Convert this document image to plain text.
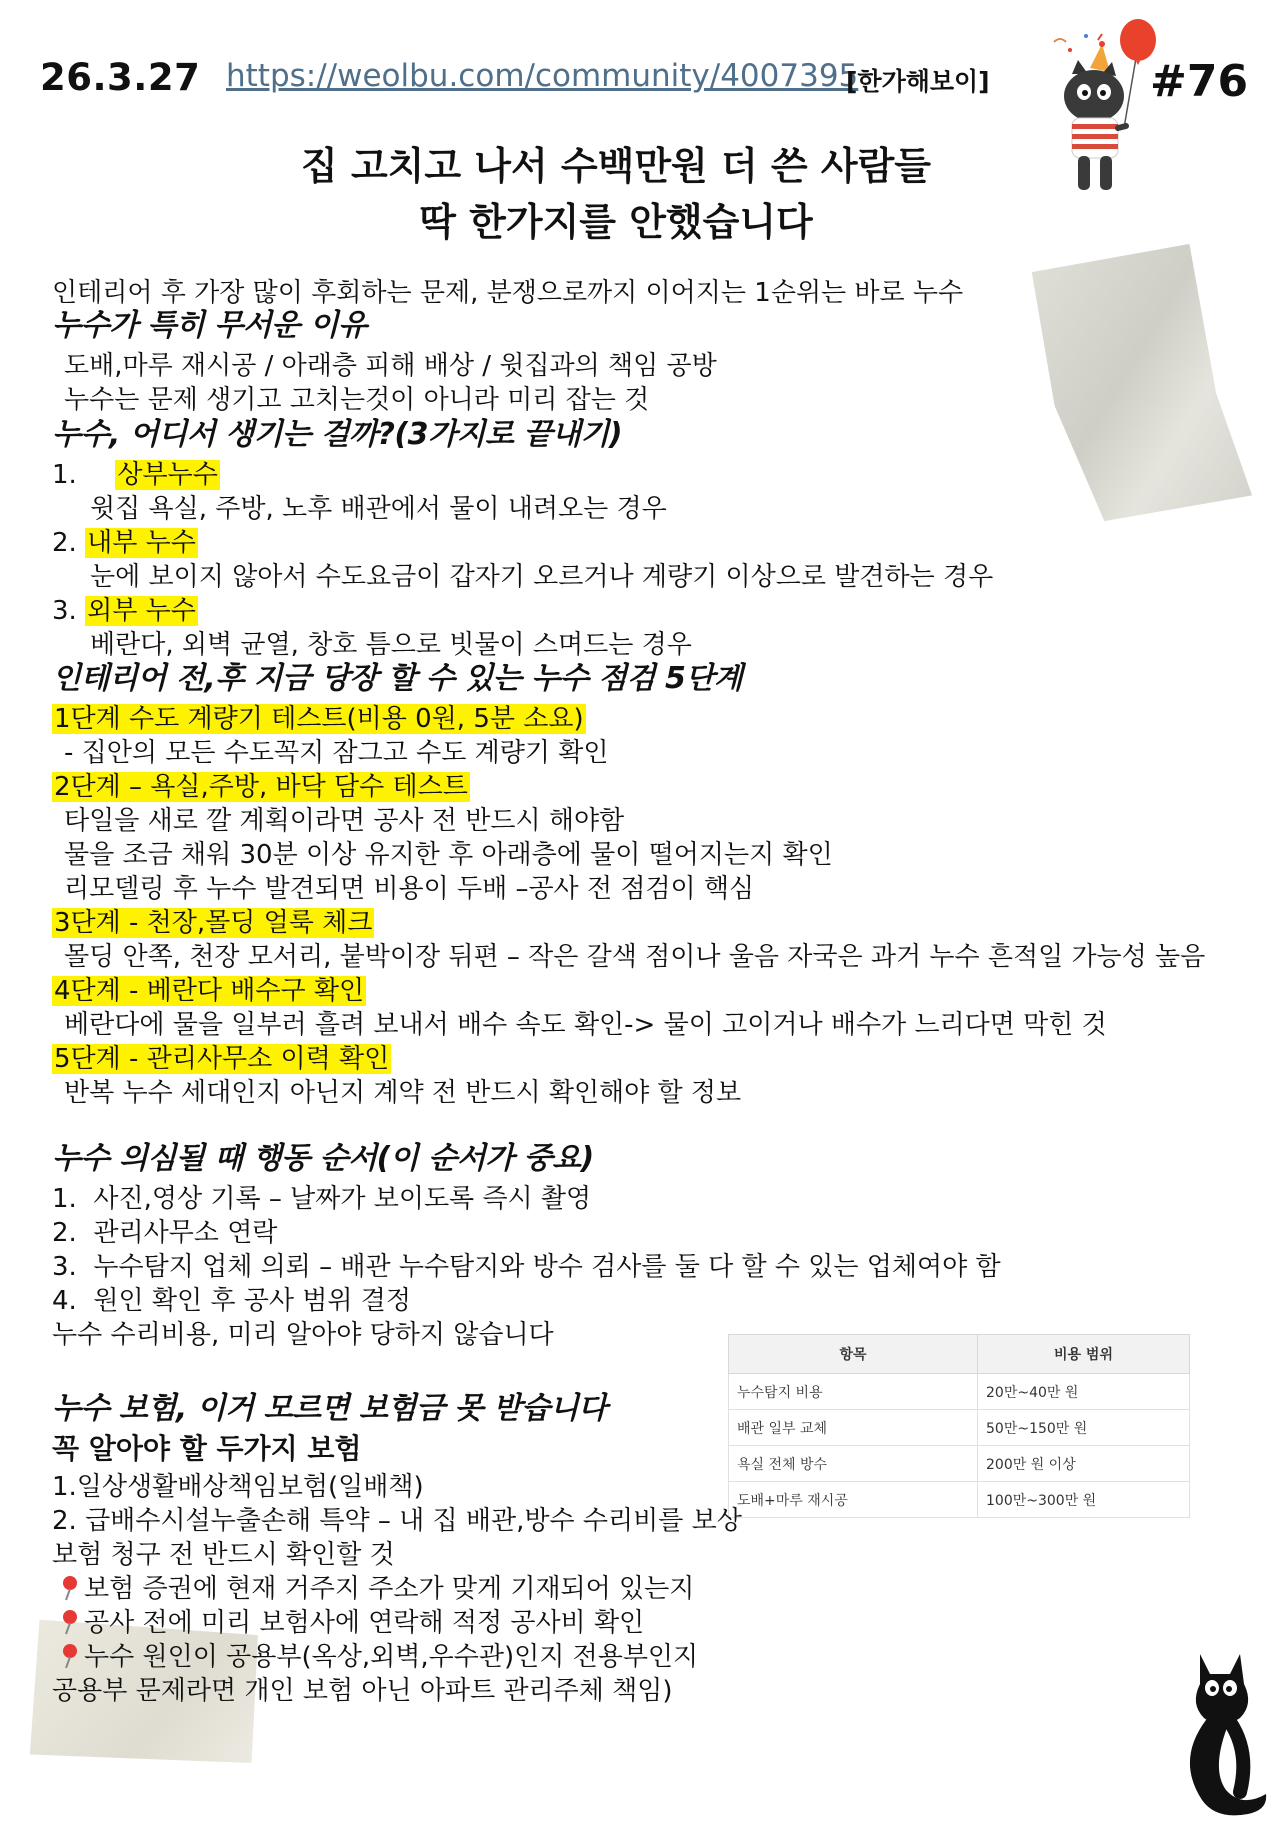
26.3.27 https://weolbu.com/community/4007395
[한가해보이]	#76
집 고치고 나서 수백만원 더 쓴 사람들
딱 한가지를 안했습니다
인테리어 후 가장 많이 후회하는 문제, 분쟁으로까지 이어지는 1순위는 바로 누수
누수가 특히 무서운 이유
도배,마루 재시공 / 아래층 피해 배상 / 윗집과의 책임 공방
누수는 문제 생기고 고치는것이 아니라 미리 잡는 것
누수, 어디서 생기는 걸까?(3가지로 끝내기)
1. 상부누수
윗집 욕실, 주방, 노후 배관에서 물이 내려오는 경우
2. 내부 누수
눈에 보이지 않아서 수도요금이 갑자기 오르거나 계량기 이상으로 발견하는 경우
3. 외부 누수
베란다, 외벽 균열, 창호 틈으로 빗물이 스며드는 경우
인테리어 전,후 지금 당장 할 수 있는 누수 점검 5단계
1단계 수도 계량기 테스트(비용 0원, 5분 소요)
- 집안의 모든 수도꼭지 잠그고 수도 계량기 확인
2단계 – 욕실,주방, 바닥 담수 테스트
타일을 새로 깔 계획이라면 공사 전 반드시 해야함
물을 조금 채워 30분 이상 유지한 후 아래층에 물이 떨어지는지 확인
리모델링 후 누수 발견되면 비용이 두배 –공사 전 점검이 핵심
3단계 - 천장,몰딩 얼룩 체크
몰딩 안쪽, 천장 모서리, 붙박이장 뒤편 – 작은 갈색 점이나 울음 자국은 과거 누수 흔적일 가능성 높음
4단계 - 베란다 배수구 확인
베란다에 물을 일부러 흘려 보내서 배수 속도 확인-> 물이 고이거나 배수가 느리다면 막힌 것
5단계 - 관리사무소 이력 확인
반복 누수 세대인지 아닌지 계약 전 반드시 확인해야 할 정보
누수 의심될 때 행동 순서(이 순서가 중요)
1. 사진,영상 기록 – 날짜가 보이도록 즉시 촬영
2. 관리사무소 연락
3. 누수탐지 업체 의뢰 – 배관 누수탐지와 방수 검사를 둘 다 할 수 있는 업체여야 함
4. 원인 확인 후 공사 범위 결정
누수 수리비용, 미리 알아야 당하지 않습니다
항목	비용 범위
누수탐지 비용	20만~40만 원
배관 일부 교체	50만~150만 원
욕실 전체 방수	200만 원 이상
도배+마루 재시공	100만~300만 원
누수 보험, 이거 모르면 보험금 못 받습니다
꼭 알아야 할 두가지 보험
1.일상생활배상책임보험(일배책)
2. 급배수시설누출손해 특약 – 내 집 배관,방수 수리비를 보상
보험 청구 전 반드시 확인할 것
보험 증권에 현재 거주지 주소가 맞게 기재되어 있는지
공사 전에 미리 보험사에 연락해 적정 공사비 확인
누수 원인이 공용부(옥상,외벽,우수관)인지 전용부인지
공용부 문제라면 개인 보험 아닌 아파트 관리주체 책임)
